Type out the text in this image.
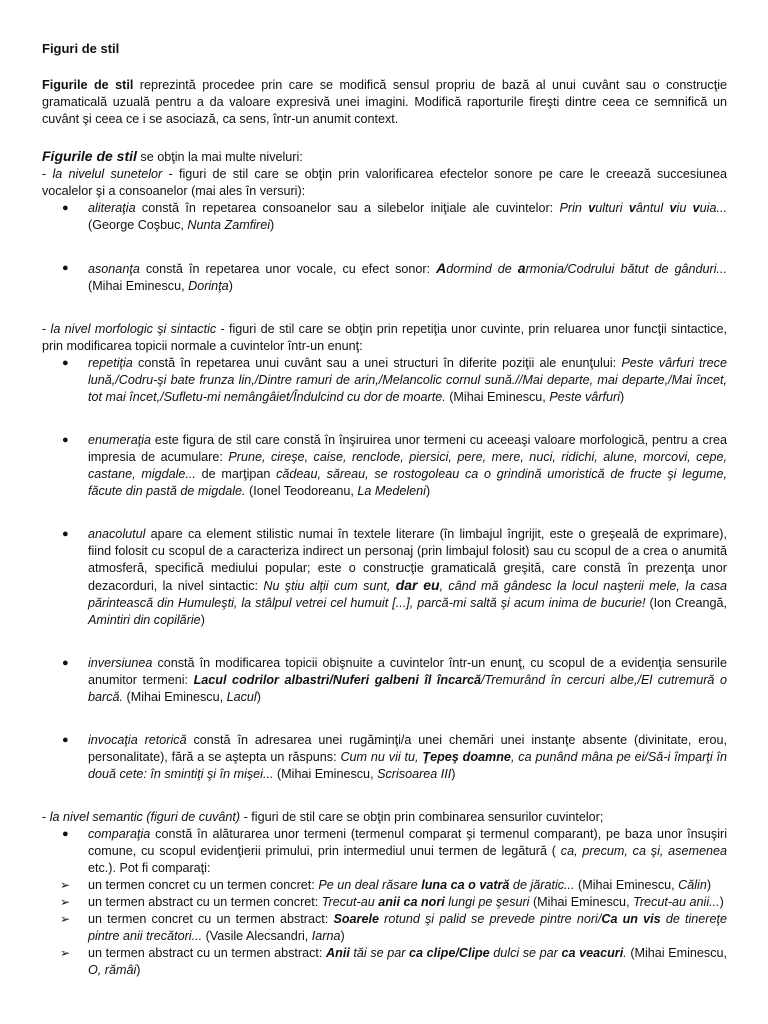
Figuri de stil

Figurile de stil reprezintă procedee prin care se modifică sensul propriu de bază al unui cuvânt sau o construcţie gramaticală uzuală pentru a da valoare expresivă unei imagini. Modifică raporturile fireşti dintre ceea ce semnifică un cuvânt şi ceea ce i se asociază, ca sens, într-un anumit context.

Figurile de stil se obţin la mai multe niveluri:

- la nivelul sunetelor - figuri de stil care se obţin prin valorificarea efectelor sonore pe care le creează succesiunea vocalelor şi a consoanelor (mai ales în versuri):

● aliteraţia constă în repetarea consoanelor sau a silebelor iniţiale ale cuvintelor: Prin vulturi vântul viu vuia... (George Coşbuc, Nunta Zamfirei)
● asonanţa constă în repetarea unor vocale, cu efect sonor: Adormind de armonia/Codrului bătut de gânduri... (Mihai Eminescu, Dorinţa)

- la nivel morfologic şi sintactic - figuri de stil care se obţin prin repetiţia unor cuvinte, prin reluarea unor funcţii sintactice, prin modificarea topicii normale a cuvintelor într-un enunţ:

● repetiţia constă în repetarea unui cuvânt sau a unei structuri în diferite poziţii ale enunţului: Peste vârfuri trece lună,/Codru-şi bate frunza lin,/Dintre ramuri de arin,/Melancolic cornul sună.//Mai departe, mai departe,/Mai încet, tot mai încet,/Sufletu-mi nemângâiet/Îndulcind cu dor de moarte. (Mihai Eminescu, Peste vârfuri)
● enumeraţia este figura de stil care constă în înşiruirea unor termeni cu aceeaşi valoare morfologică, pentru a crea impresia de acumulare: Prune, cireşe, caise, renclode, piersici, pere, mere, nuci, ridichi, alune, morcovi, cepe, castane, migdale... de marţipan cădeau, săreau, se rostogoleau ca o grindină umoristică de fructe şi legume, făcute din pastă de migdale. (Ionel Teodoreanu, La Medeleni)
● anacolutul apare ca element stilistic numai în textele literare (în limbajul îngrijit, este o greşeală de exprimare), fiind folosit cu scopul de a caracteriza indirect un personaj (prin limbajul folosit) sau cu scopul de a crea o anumită atmosferă, specifică mediului popular; este o construcţie gramaticală greşită, care constă în prezenţa unor dezacorduri, la nivel sintactic: Nu ştiu alţii cum sunt, dar eu, când mă gândesc la locul naşterii mele, la casa părintească din Humuleşti, la stâlpul vetrei cel humuit [...], parcă-mi saltă şi acum inima de bucurie! (Ion Creangă, Amintiri din copilărie)
● inversiunea constă în modificarea topicii obişnuite a cuvintelor într-un enunţ, cu scopul de a evidenţia sensurile anumitor termeni: Lacul codrilor albastri/Nuferi galbeni îl încarcă/Tremurând în cercuri albe,/El cutremură o barcă. (Mihai Eminescu, Lacul)
● invocaţia retorică constă în adresarea unei rugăminţi/a unei chemări unei instanţe absente (divinitate, erou, personalitate), fără a se aştepta un răspuns: Cum nu vii tu, Ţepeş doamne, ca punând mâna pe ei/Să-i împarţi în două cete: în smintiţi şi în mişei... (Mihai Eminescu, Scrisoarea III)

- la nivel semantic (figuri de cuvânt) - figuri de stil care se obţin prin combinarea sensurilor cuvintelor;

● comparaţia constă în alăturarea unor termeni (termenul comparat şi termenul comparant), pe baza unor însuşiri comune, cu scopul evidenţierii primului, prin intermediul unui termen de legătură ( ca, precum, ca şi, asemenea etc.). Pot fi comparaţi:
➢ un termen concret cu un termen concret: Pe un deal răsare luna ca o vatră de jăratic... (Mihai Eminescu, Călin)
➢ un termen abstract cu un termen concret: Trecut-au anii ca nori lungi pe şesuri (Mihai Eminescu, Trecut-au anii...)
➢ un termen concret cu un termen abstract: Soarele rotund şi palid se prevede pintre nori/Ca un vis de tinereţe pintre anii trecători... (Vasile Alecsandri, Iarna)
➢ un termen abstract cu un termen abstract: Anii tăi se par ca clipe/Clipe dulci se par ca veacuri. (Mihai Eminescu, O, rămâi)
